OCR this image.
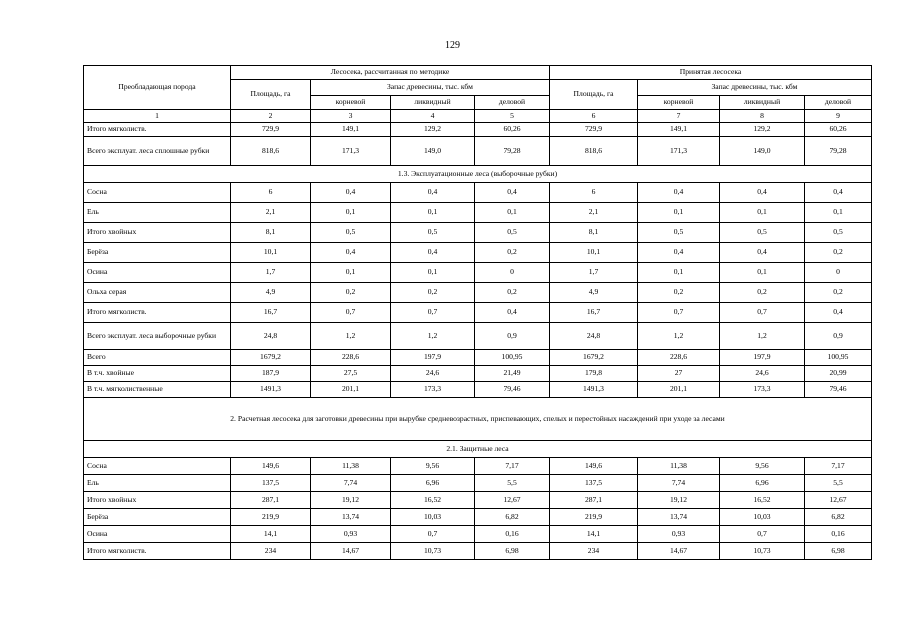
129
Преобладающая порода	Лесосека, рассчитанная по методике				Принятая лесосека			
	Площадь, га	Запас древесины, тыс. кбм			Площадь, га	Запас древесины, тыс. кбм		
		корневой	ликвидный	деловой		корневой	ликвидный	деловой
1	2	3	4	5	6	7	8	9
Итого мягколиств.	729,9	149,1	129,2	60,26	729,9	149,1	129,2	60,26
Всего эксплуат. леса сплошные рубки	818,6	171,3	149,0	79,28	818,6	171,3	149,0	79,28
1.3. Эксплуатационные леса (выборочные рубки)								
Сосна	6	0,4	0,4	0,4	6	0,4	0,4	0,4
Ель	2,1	0,1	0,1	0,1	2,1	0,1	0,1	0,1
Итого хвойных	8,1	0,5	0,5	0,5	8,1	0,5	0,5	0,5
Берёза	10,1	0,4	0,4	0,2	10,1	0,4	0,4	0,2
Осина	1,7	0,1	0,1	0	1,7	0,1	0,1	0
Ольха серая	4,9	0,2	0,2	0,2	4,9	0,2	0,2	0,2
Итого мягколиств.	16,7	0,7	0,7	0,4	16,7	0,7	0,7	0,4
Всего эксплуат. леса выборочные рубки	24,8	1,2	1,2	0,9	24,8	1,2	1,2	0,9
Всего	1679,2	228,6	197,9	100,95	1679,2	228,6	197,9	100,95
В т.ч. хвойные	187,9	27,5	24,6	21,49	179,8	27	24,6	20,99
В т.ч. мягколиственные	1491,3	201,1	173,3	79,46	1491,3	201,1	173,3	79,46
2. Расчетная лесосека для заготовки древесины при вырубке средневозрастных, приспевающих, спелых и перестойных насаждений при уходе за лесами								
2.1. Защитные леса								
Сосна	149,6	11,38	9,56	7,17	149,6	11,38	9,56	7,17
Ель	137,5	7,74	6,96	5,5	137,5	7,74	6,96	5,5
Итого хвойных	287,1	19,12	16,52	12,67	287,1	19,12	16,52	12,67
Берёза	219,9	13,74	10,03	6,82	219,9	13,74	10,03	6,82
Осина	14,1	0,93	0,7	0,16	14,1	0,93	0,7	0,16
Итого мягколиств.	234	14,67	10,73	6,98	234	14,67	10,73	6,98
